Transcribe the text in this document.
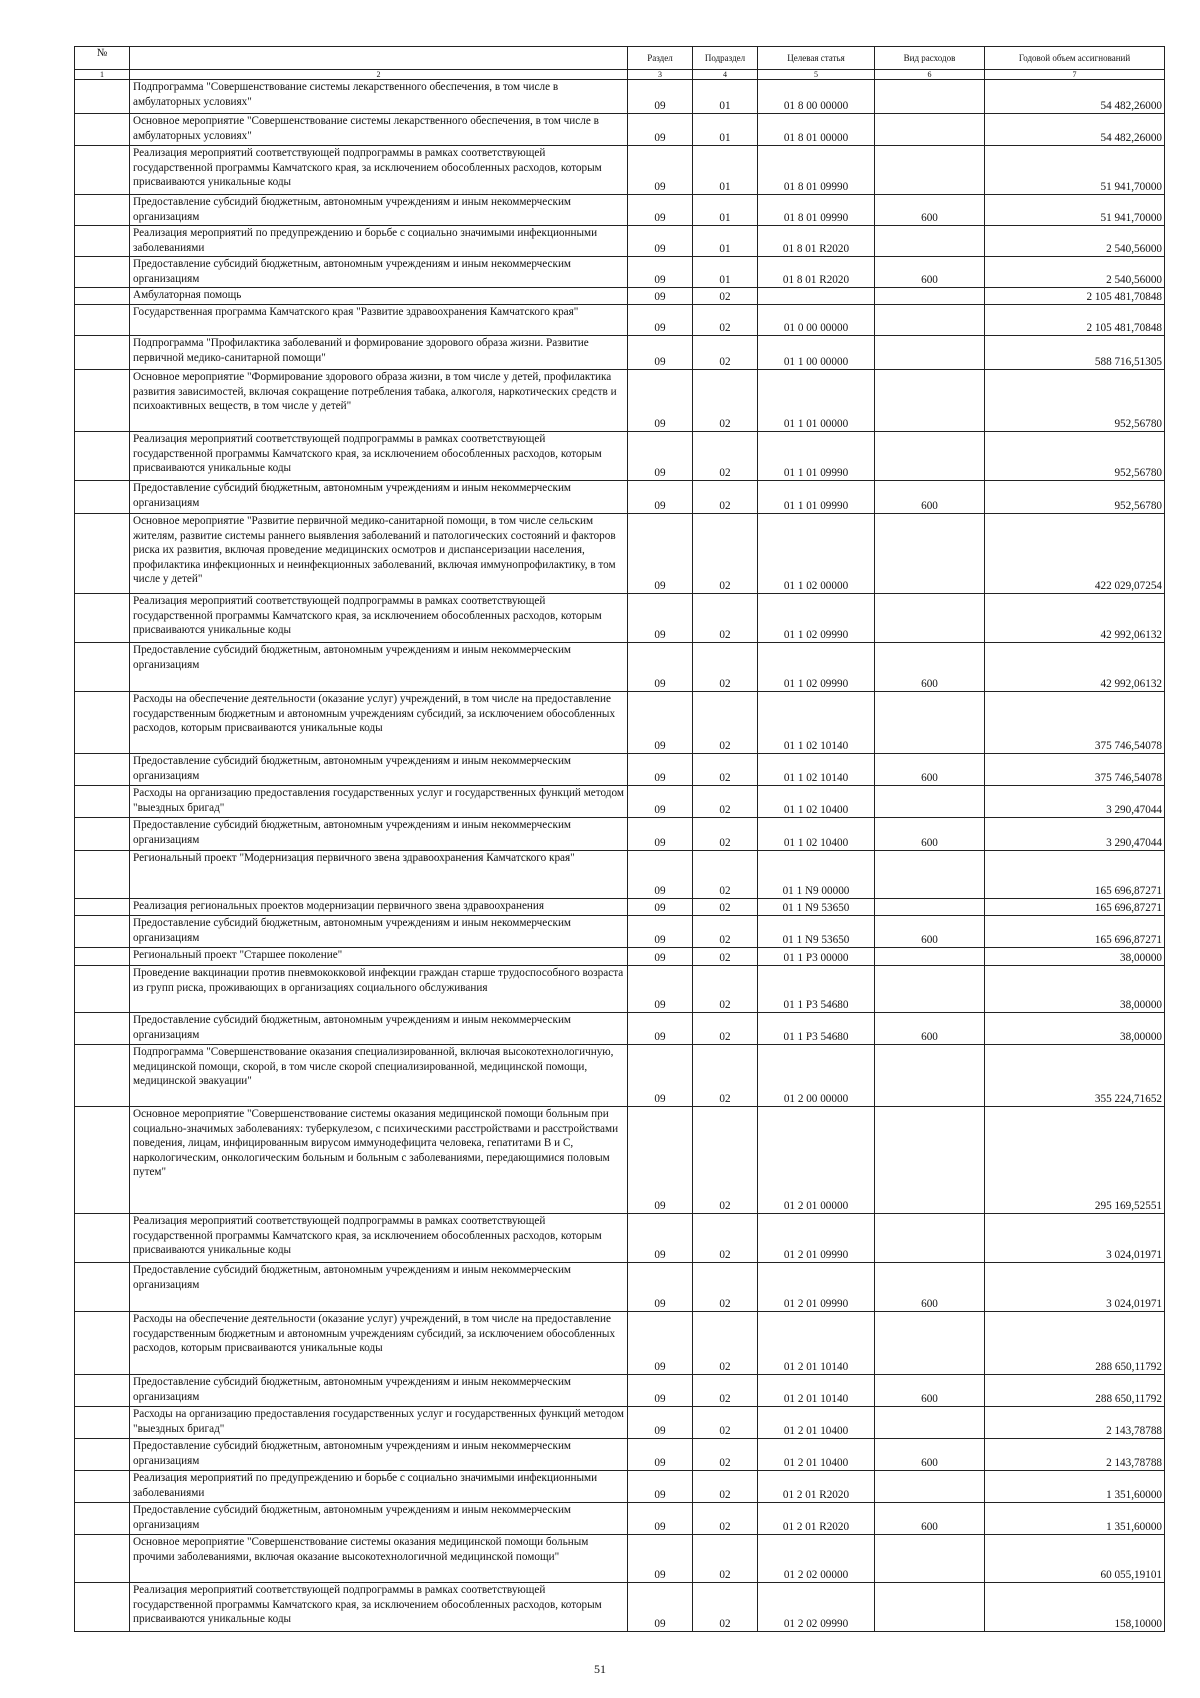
№		Раздел	Подраздел	Целевая статья	Вид расходов	Годовой объем ассигнований
1	2	3	4	5	6	7
	Подпрограмма "Совершенствование системы лекарственного обеспечения, в том числе в амбулаторных условиях"	09	01	01 8 00 00000		54 482,26000
	Основное мероприятие "Совершенствование системы лекарственного обеспечения, в том числе в амбулаторных условиях"	09	01	01 8 01 00000		54 482,26000
	Реализация мероприятий соответствующей подпрограммы в рамках соответствующей государственной программы Камчатского края, за исключением обособленных расходов, которым присваиваются уникальные коды	09	01	01 8 01 09990		51 941,70000
	Предоставление субсидий бюджетным, автономным учреждениям и иным некоммерческим организациям	09	01	01 8 01 09990	600	51 941,70000
	Реализация мероприятий по предупреждению и борьбе с социально значимыми инфекционными заболеваниями	09	01	01 8 01 R2020		2 540,56000
	Предоставление субсидий бюджетным, автономным учреждениям и иным некоммерческим организациям	09	01	01 8 01 R2020	600	2 540,56000
	Амбулаторная помощь	09	02			2 105 481,70848
	Государственная программа Камчатского края "Развитие здравоохранения Камчатского края"	09	02	01 0 00 00000		2 105 481,70848
	Подпрограмма "Профилактика заболеваний и формирование здорового образа жизни. Развитие первичной медико-санитарной помощи"	09	02	01 1 00 00000		588 716,51305
	Основное мероприятие "Формирование здорового образа жизни, в том числе у детей, профилактика развития зависимостей, включая сокращение потребления табака, алкоголя, наркотических средств и психоактивных веществ, в том числе у детей"	09	02	01 1 01 00000		952,56780
	Реализация мероприятий соответствующей подпрограммы в рамках соответствующей государственной программы Камчатского края, за исключением обособленных расходов, которым присваиваются уникальные коды	09	02	01 1 01 09990		952,56780
	Предоставление субсидий бюджетным, автономным учреждениям и иным некоммерческим организациям	09	02	01 1 01 09990	600	952,56780
	Основное мероприятие "Развитие первичной медико-санитарной помощи, в том числе сельским жителям, развитие системы раннего выявления заболеваний и патологических состояний и факторов риска их развития, включая проведение медицинских осмотров и диспансеризации населения, профилактика инфекционных и неинфекционных заболеваний, включая иммунопрофилактику, в том числе у детей"	09	02	01 1 02 00000		422 029,07254
	Реализация мероприятий соответствующей подпрограммы в рамках соответствующей государственной программы Камчатского края, за исключением обособленных расходов, которым присваиваются уникальные коды	09	02	01 1 02 09990		42 992,06132
	Предоставление субсидий бюджетным, автономным учреждениям и иным некоммерческим организациям	09	02	01 1 02 09990	600	42 992,06132
	Расходы на обеспечение деятельности (оказание услуг) учреждений, в том числе на предоставление государственным бюджетным и автономным учреждениям субсидий, за исключением обособленных расходов, которым присваиваются уникальные коды	09	02	01 1 02 10140		375 746,54078
	Предоставление субсидий бюджетным, автономным учреждениям и иным некоммерческим организациям	09	02	01 1 02 10140	600	375 746,54078
	Расходы на организацию предоставления государственных услуг и государственных функций методом "выездных бригад"	09	02	01 1 02 10400		3 290,47044
	Предоставление субсидий бюджетным, автономным учреждениям и иным некоммерческим организациям	09	02	01 1 02 10400	600	3 290,47044
	Региональный проект "Модернизация первичного звена здравоохранения Камчатского края"	09	02	01 1 N9 00000		165 696,87271
	Реализация региональных проектов модернизации первичного звена здравоохранения	09	02	01 1 N9 53650		165 696,87271
	Предоставление субсидий бюджетным, автономным учреждениям и иным некоммерческим организациям	09	02	01 1 N9 53650	600	165 696,87271
	Региональный проект "Старшее поколение"	09	02	01 1 P3 00000		38,00000
	Проведение вакцинации против пневмококковой инфекции граждан старше трудоспособного возраста из групп риска, проживающих в организациях социального обслуживания	09	02	01 1 P3 54680		38,00000
	Предоставление субсидий бюджетным, автономным учреждениям и иным некоммерческим организациям	09	02	01 1 P3 54680	600	38,00000
	Подпрограмма "Совершенствование оказания специализированной, включая высокотехнологичную, медицинской помощи, скорой, в том числе скорой специализированной, медицинской помощи, медицинской эвакуации"	09	02	01 2 00 00000		355 224,71652
	Основное мероприятие "Совершенствование системы оказания медицинской помощи больным при социально-значимых заболеваниях: туберкулезом, с психическими расстройствами и расстройствами поведения, лицам, инфицированным вирусом иммунодефицита человека, гепатитами В и С, наркологическим, онкологическим больным и больным с заболеваниями, передающимися половым путем"	09	02	01 2 01 00000		295 169,52551
	Реализация мероприятий соответствующей подпрограммы в рамках соответствующей государственной программы Камчатского края, за исключением обособленных расходов, которым присваиваются уникальные коды	09	02	01 2 01 09990		3 024,01971
	Предоставление субсидий бюджетным, автономным учреждениям и иным некоммерческим организациям	09	02	01 2 01 09990	600	3 024,01971
	Расходы на обеспечение деятельности (оказание услуг) учреждений, в том числе на предоставление государственным бюджетным и автономным учреждениям субсидий, за исключением обособленных расходов, которым присваиваются уникальные коды	09	02	01 2 01 10140		288 650,11792
	Предоставление субсидий бюджетным, автономным учреждениям и иным некоммерческим организациям	09	02	01 2 01 10140	600	288 650,11792
	Расходы на организацию предоставления государственных услуг и государственных функций методом "выездных бригад"	09	02	01 2 01 10400		2 143,78788
	Предоставление субсидий бюджетным, автономным учреждениям и иным некоммерческим организациям	09	02	01 2 01 10400	600	2 143,78788
	Реализация мероприятий по предупреждению и борьбе с социально значимыми инфекционными заболеваниями	09	02	01 2 01 R2020		1 351,60000
	Предоставление субсидий бюджетным, автономным учреждениям и иным некоммерческим организациям	09	02	01 2 01 R2020	600	1 351,60000
	Основное мероприятие "Совершенствование системы оказания медицинской помощи больным прочими заболеваниями, включая оказание высокотехнологичной медицинской помощи"	09	02	01 2 02 00000		60 055,19101
	Реализация мероприятий соответствующей подпрограммы в рамках соответствующей государственной программы Камчатского края, за исключением обособленных расходов, которым присваиваются уникальные коды	09	02	01 2 02 09990		158,10000
51
